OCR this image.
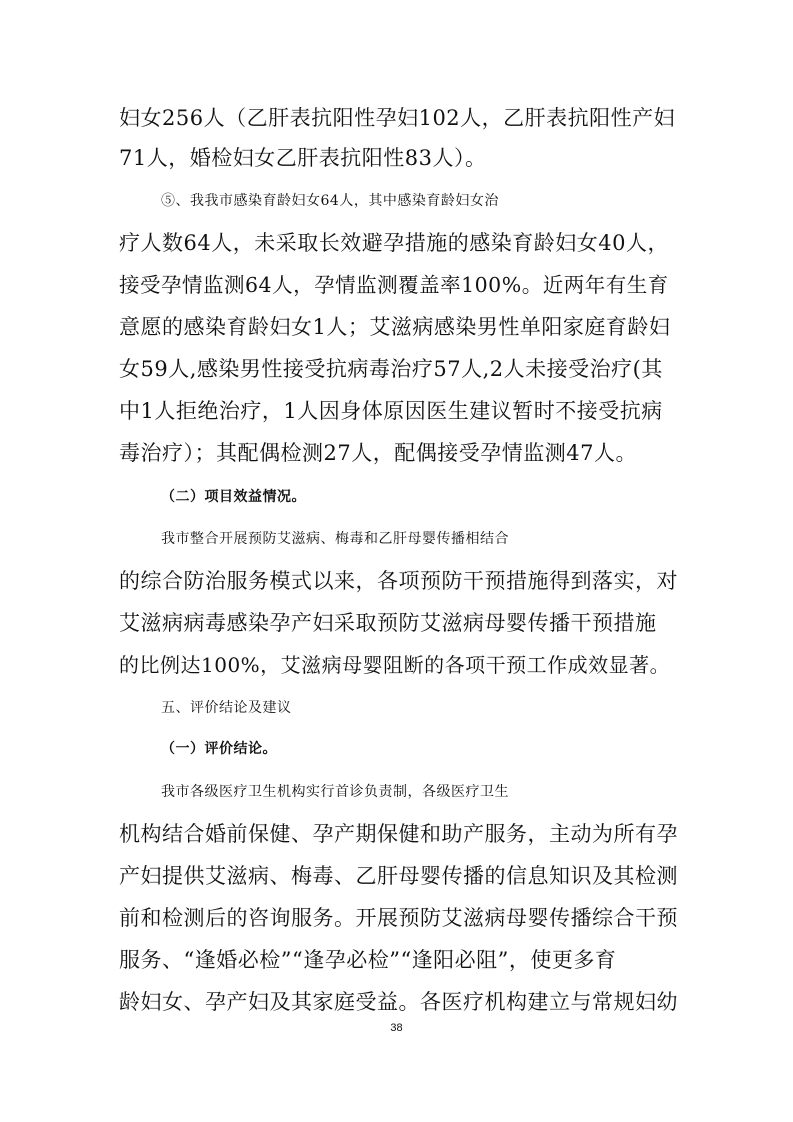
妇女256人（乙肝表抗阳性孕妇102人，乙肝表抗阳性产妇
71人，婚检妇女乙肝表抗阳性83人）。
⑤、我我市感染育龄妇女64人，其中感染育龄妇女治
疗人数64人，未采取长效避孕措施的感染育龄妇女40人，
接受孕情监测64人，孕情监测覆盖率100%。近两年有生育
意愿的感染育龄妇女1人；艾滋病感染男性单阳家庭育龄妇
女59人,感染男性接受抗病毒治疗57人,2人未接受治疗(其
中1人拒绝治疗，1人因身体原因医生建议暂时不接受抗病
毒治疗）；其配偶检测27人，配偶接受孕情监测47人。
（二）项目效益情况。
我市整合开展预防艾滋病、梅毒和乙肝母婴传播相结合
的综合防治服务模式以来，各项预防干预措施得到落实，对
艾滋病病毒感染孕产妇采取预防艾滋病母婴传播干预措施
的比例达100%，艾滋病母婴阻断的各项干预工作成效显著。
五、评价结论及建议
（一）评价结论。
我市各级医疗卫生机构实行首诊负责制，各级医疗卫生
机构结合婚前保健、孕产期保健和助产服务，主动为所有孕
产妇提供艾滋病、梅毒、乙肝母婴传播的信息知识及其检测
前和检测后的咨询服务。开展预防艾滋病母婴传播综合干预
服务、“逢婚必检”“逢孕必检”“逢阳必阻”，使更多育
龄妇女、孕产妇及其家庭受益。各医疗机构建立与常规妇幼
38
